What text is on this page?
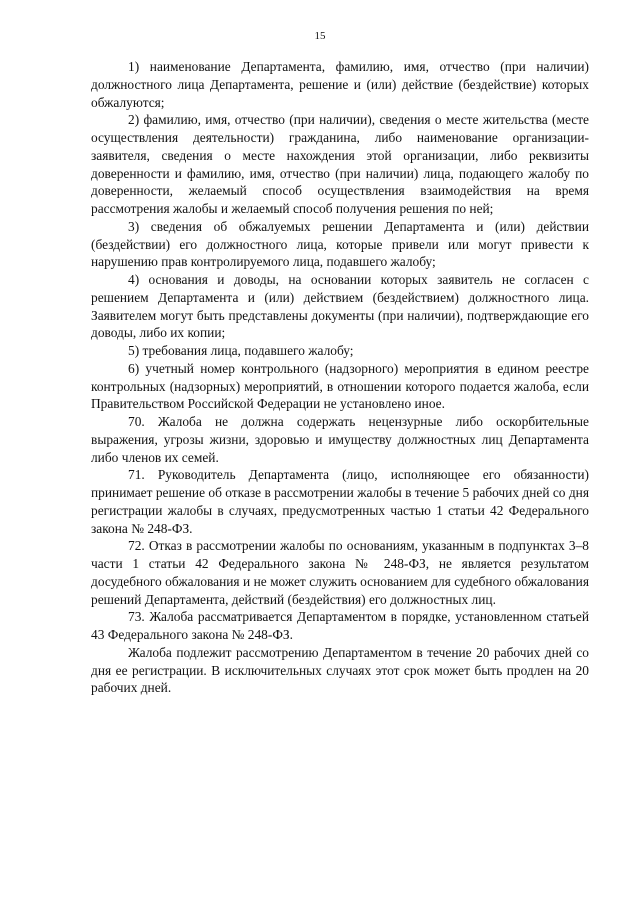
15

1) наименование Департамента, фамилию, имя, отчество (при наличии) должностного лица Департамента, решение и (или) действие (бездействие) которых обжалуются;

2) фамилию, имя, отчество (при наличии), сведения о месте жительства (месте осуществления деятельности) гражданина, либо наименование организации-заявителя, сведения о месте нахождения этой организации, либо реквизиты доверенности и фамилию, имя, отчество (при наличии) лица, подающего жалобу по доверенности, желаемый способ осуществления взаимодействия на время рассмотрения жалобы и желаемый способ получения решения по ней;

3) сведения об обжалуемых решении Департамента и (или) действии (бездействии) его должностного лица, которые привели или могут привести к нарушению прав контролируемого лица, подавшего жалобу;

4) основания и доводы, на основании которых заявитель не согласен с решением Департамента и (или) действием (бездействием) должностного лица. Заявителем могут быть представлены документы (при наличии), подтверждающие его доводы, либо их копии;

5) требования лица, подавшего жалобу;

6) учетный номер контрольного (надзорного) мероприятия в едином реестре контрольных (надзорных) мероприятий, в отношении которого подается жалоба, если Правительством Российской Федерации не установлено иное.

70. Жалоба не должна содержать нецензурные либо оскорбительные выражения, угрозы жизни, здоровью и имуществу должностных лиц Департамента либо членов их семей.

71. Руководитель Департамента (лицо, исполняющее его обязанности) принимает решение об отказе в рассмотрении жалобы в течение 5 рабочих дней со дня регистрации жалобы в случаях, предусмотренных частью 1 статьи 42 Федерального закона № 248-ФЗ.

72. Отказ в рассмотрении жалобы по основаниям, указанным в подпунктах 3–8 части 1 статьи 42 Федерального закона № 248-ФЗ, не является результатом досудебного обжалования и не может служить основанием для судебного обжалования решений Департамента, действий (бездействия) его должностных лиц.

73. Жалоба рассматривается Департаментом в порядке, установленном статьей 43 Федерального закона № 248-ФЗ.

Жалоба подлежит рассмотрению Департаментом в течение 20 рабочих дней со дня ее регистрации. В исключительных случаях этот срок может быть продлен на 20 рабочих дней.
